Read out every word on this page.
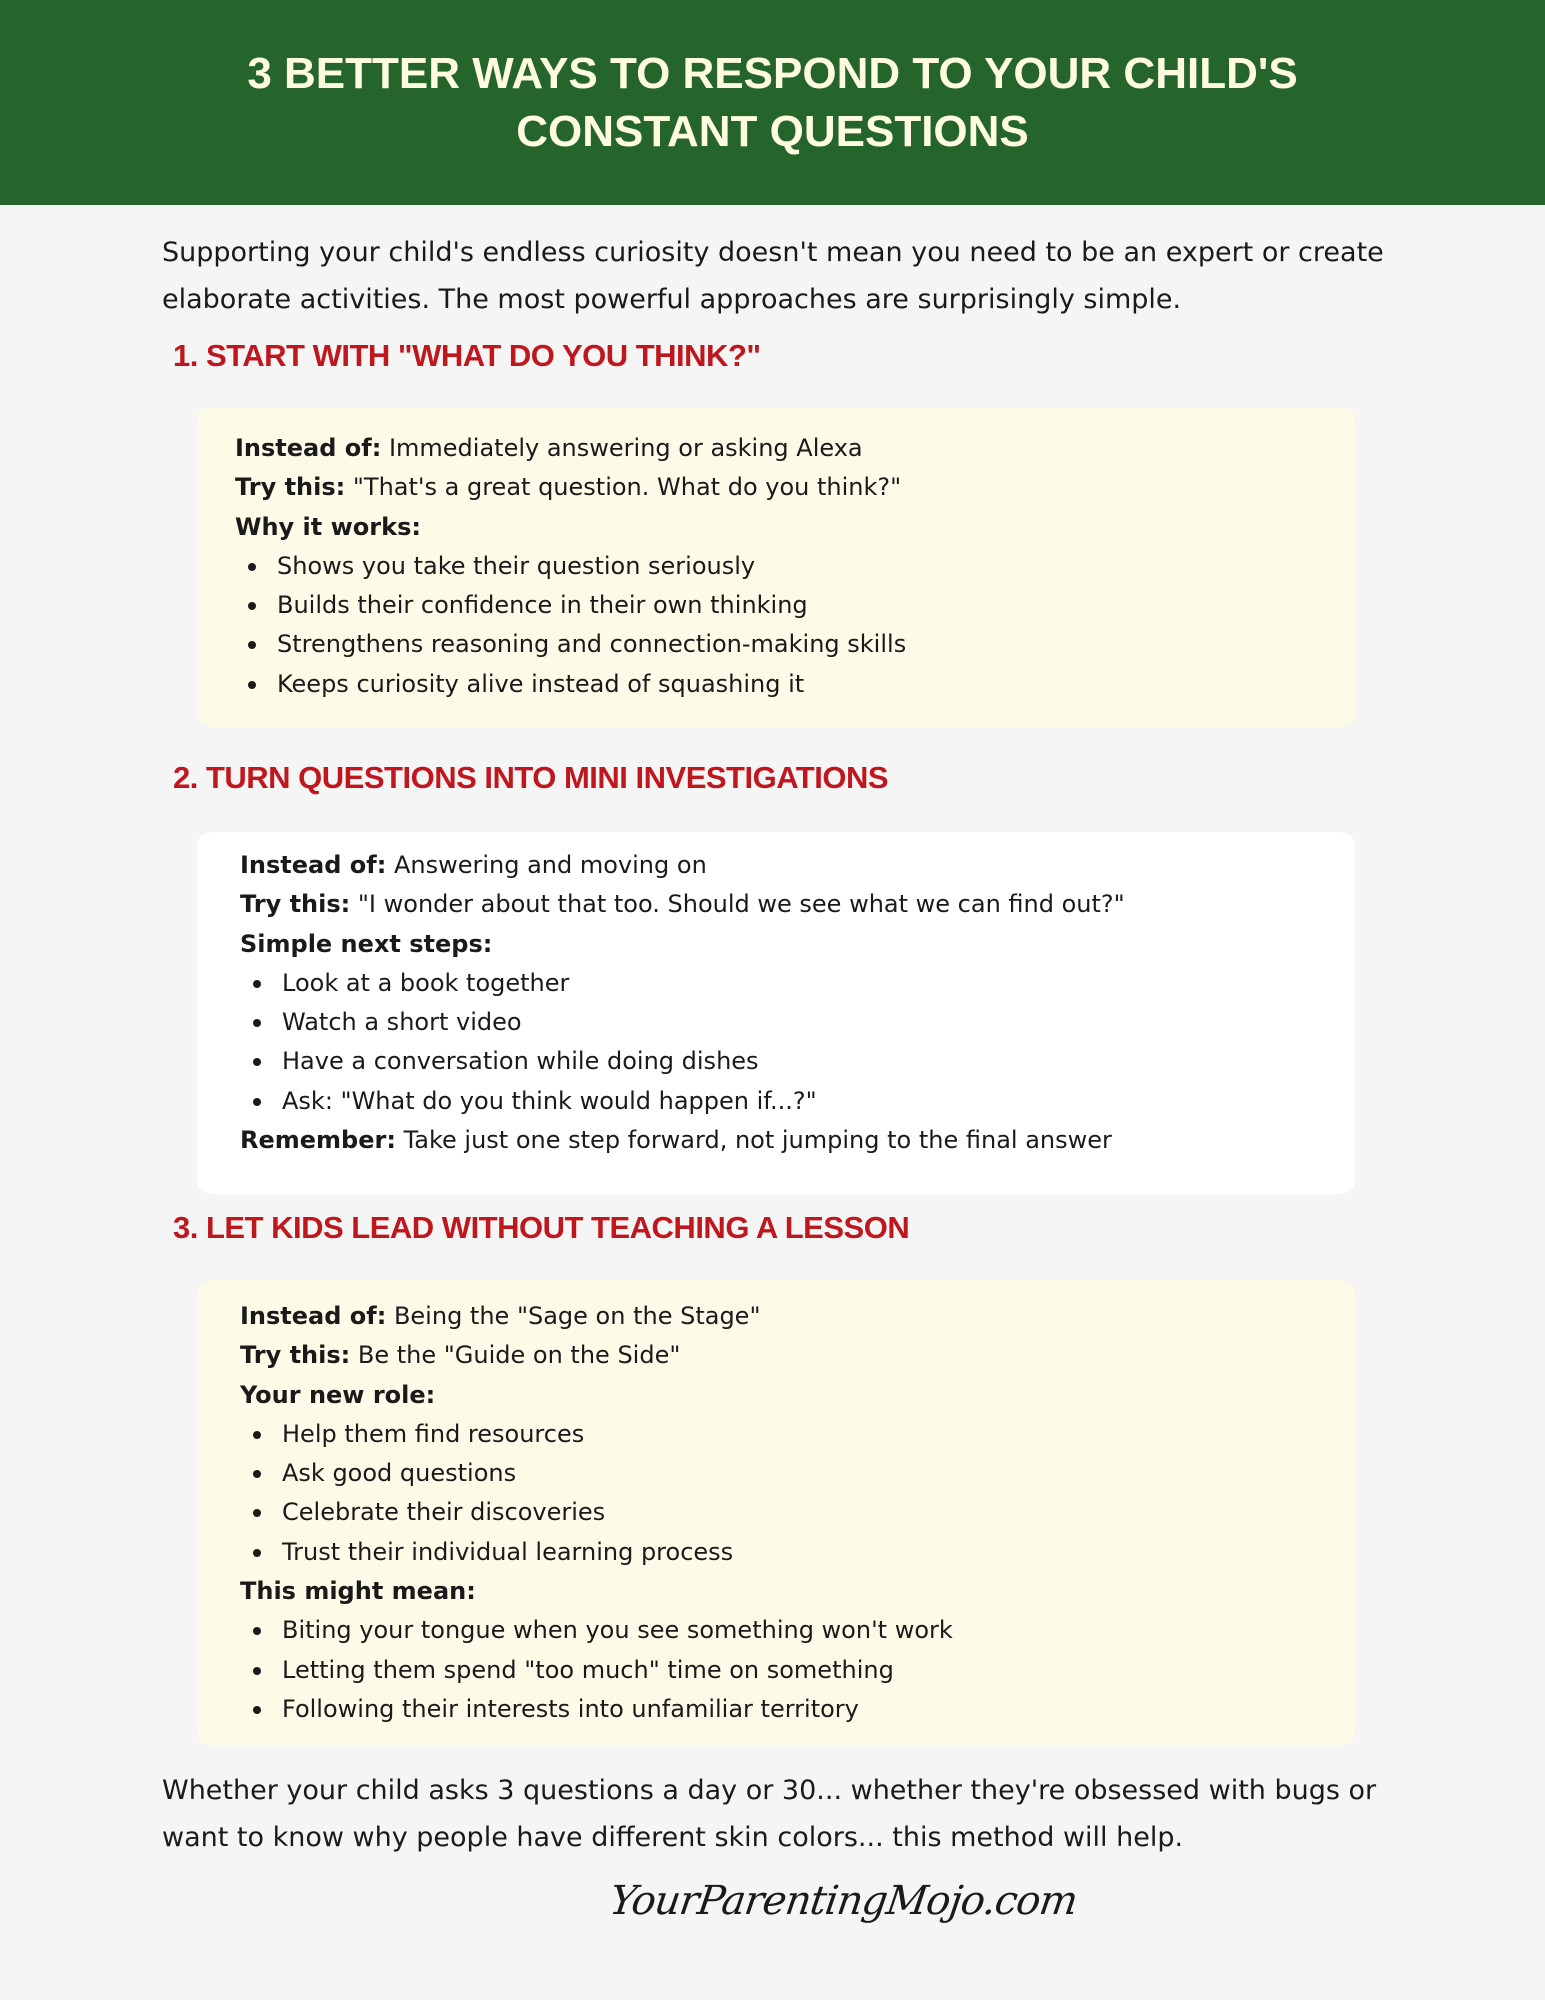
3 BETTER WAYS TO RESPOND TO YOUR CHILD'S CONSTANT QUESTIONS

Supporting your child's endless curiosity doesn't mean you need to be an expert or create elaborate activities. The most powerful approaches are surprisingly simple.

1. START WITH "WHAT DO YOU THINK?"

Instead of: Immediately answering or asking Alexa

Try this: "That's a great question. What do you think?"

Why it works:

Shows you take their question seriously
Builds their confidence in their own thinking
Strengthens reasoning and connection-making skills
Keeps curiosity alive instead of squashing it
2. TURN QUESTIONS INTO MINI INVESTIGATIONS

Instead of: Answering and moving on

Try this: "I wonder about that too. Should we see what we can find out?"

Simple next steps:

Look at a book together
Watch a short video
Have a conversation while doing dishes
Ask: "What do you think would happen if...?"

Remember: Take just one step forward, not jumping to the final answer

3. LET KIDS LEAD WITHOUT TEACHING A LESSON

Instead of: Being the "Sage on the Stage"

Try this: Be the "Guide on the Side"

Your new role:

Help them find resources
Ask good questions
Celebrate their discoveries
Trust their individual learning process

This might mean:

Biting your tongue when you see something won't work
Letting them spend "too much" time on something
Following their interests into unfamiliar territory

Whether your child asks 3 questions a day or 30... whether they're obsessed with bugs or want to know why people have different skin colors... this method will help.

YourParentingMojo.com
